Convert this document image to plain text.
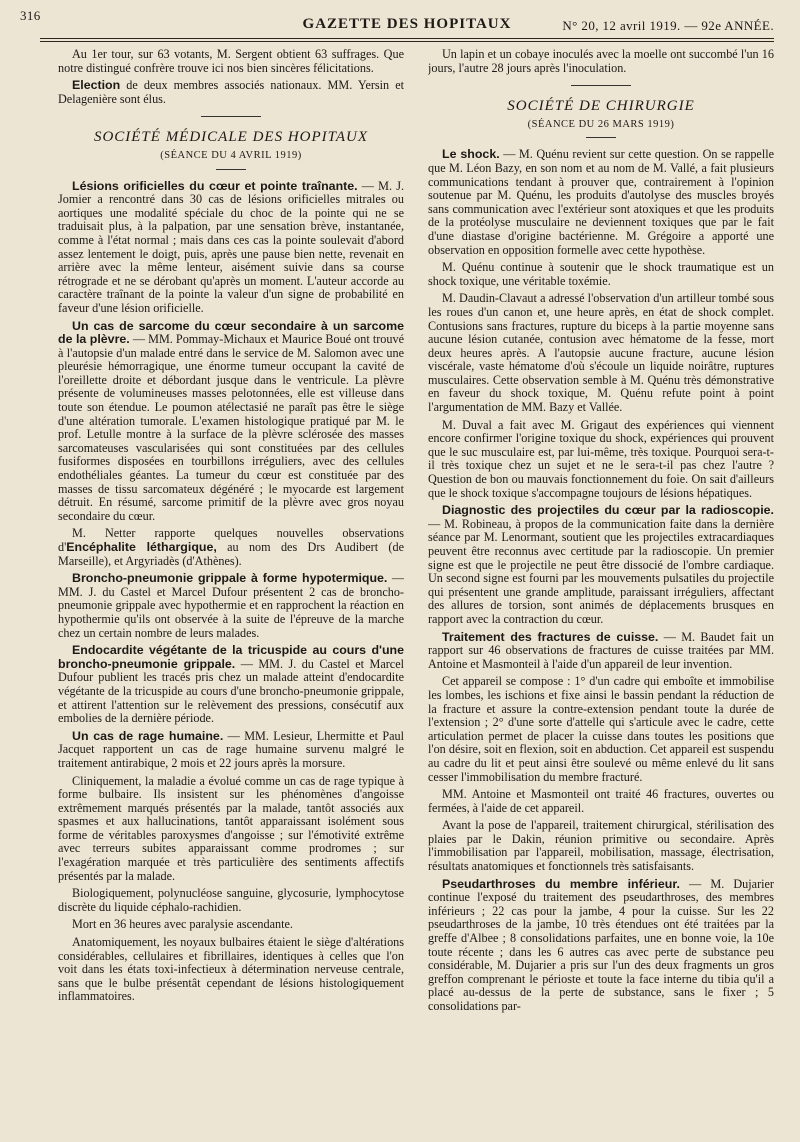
316
GAZETTE DES HOPITAUX	N° 20, 12 avril 1919. — 92e ANNÉE.

Au 1er tour, sur 63 votants, M. Sergent obtient 63 suffrages. Que notre distingué confrère trouve ici nos bien sincères félicitations.

Election de deux membres associés nationaux. MM. Yersin et Delagenière sont élus.

SOCIÉTÉ MÉDICALE DES HOPITAUX
(SÉANCE DU 4 AVRIL 1919)

Lésions orificielles du cœur et pointe traînante. — M. J. Jomier a rencontré dans 30 cas de lésions orificielles mitrales ou aortiques une modalité spéciale du choc de la pointe qui ne se traduisait plus, à la palpation, par une sensation brève, instantanée, comme à l'état normal ; mais dans ces cas la pointe soulevait d'abord assez lentement le doigt, puis, après une pause bien nette, revenait en arrière avec la même lenteur, aisément suivie dans sa course rétrograde et ne se dérobant qu'après un moment. L'auteur accorde au caractère traînant de la pointe la valeur d'un signe de probabilité en faveur d'une lésion orificielle.

Un cas de sarcome du cœur secondaire à un sarcome de la plèvre. — MM. Pommay-Michaux et Maurice Boué ont trouvé à l'autopsie d'un malade entré dans le service de M. Salomon avec une pleurésie hémorragique, une énorme tumeur occupant la cavité de l'oreillette droite et débordant jusque dans le ventricule. La plèvre présente de volumineuses masses pelotonnées, elle est villeuse dans toute son étendue. Le poumon atélectasié ne paraît pas être le siège d'une altération tumorale. L'examen histologique pratiqué par M. le prof. Letulle montre à la surface de la plèvre sclérosée des masses sarcomateuses vascularisées qui sont constituées par des cellules fusiformes disposées en tourbillons irréguliers, avec des cellules endothéliales géantes. La tumeur du cœur est constituée par des masses de tissu sarcomateux dégénéré ; le myocarde est largement détruit. En résumé, sarcome primitif de la plèvre avec gros noyau secondaire du cœur.

M. Netter rapporte quelques nouvelles observations d'Encéphalite léthargique, au nom des Drs Audibert (de Marseille), et Argyriadès (d'Athènes).

Broncho-pneumonie grippale à forme hypotermique. — MM. J. du Castel et Marcel Dufour présentent 2 cas de broncho-pneumonie grippale avec hypothermie et en rapprochent la réaction en hypothermie qu'ils ont observée à la suite de l'épreuve de la marche chez un certain nombre de leurs malades.

Endocardite végétante de la tricuspide au cours d'une broncho-pneumonie grippale. — MM. J. du Castel et Marcel Dufour publient les tracés pris chez un malade atteint d'endocardite végétante de la tricuspide au cours d'une broncho-pneumonie grippale, et attirent l'attention sur le relèvement des pressions, consécutif aux embolies de la dernière période.

Un cas de rage humaine. — MM. Lesieur, Lhermitte et Paul Jacquet rapportent un cas de rage humaine survenu malgré le traitement antirabique, 2 mois et 22 jours après la morsure.

Cliniquement, la maladie a évolué comme un cas de rage typique à forme bulbaire. Ils insistent sur les phénomènes d'angoisse extrêmement marqués présentés par la malade, tantôt associés aux spasmes et aux hallucinations, tantôt apparaissant isolément sous forme de véritables paroxysmes d'angoisse ; sur l'émotivité extrême avec terreurs subites apparaissant comme prodromes ; sur l'exagération marquée et très particulière des sentiments affectifs présentés par la malade.

Biologiquement, polynucléose sanguine, glycosurie, lymphocytose discrète du liquide céphalo-rachidien.

Mort en 36 heures avec paralysie ascendante.

Anatomiquement, les noyaux bulbaires étaient le siège d'altérations considérables, cellulaires et fibrillaires, identiques à celles que l'on voit dans les états toxi-infectieux à détermination nerveuse centrale, sans que le bulbe présentât cependant de lésions histologiquement inflammatoires.

Un lapin et un cobaye inoculés avec la moelle ont succombé l'un 16 jours, l'autre 28 jours après l'inoculation.

SOCIÉTÉ DE CHIRURGIE
(SÉANCE DU 26 MARS 1919)

Le shock. — M. Quénu revient sur cette question. On se rappelle que M. Léon Bazy, en son nom et au nom de M. Vallé, a fait plusieurs communications tendant à prouver que, contrairement à l'opinion soutenue par M. Quénu, les produits d'autolyse des muscles broyés sans communication avec l'extérieur sont atoxiques et que les produits de la protéolyse musculaire ne deviennent toxiques que par le fait d'une diastase d'origine bactérienne. M. Grégoire a apporté une observation en opposition formelle avec cette hypothèse.

M. Quénu continue à soutenir que le shock traumatique est un shock toxique, une véritable toxémie.

M. Daudin-Clavaut a adressé l'observation d'un artilleur tombé sous les roues d'un canon et, une heure après, en état de shock complet. Contusions sans fractures, rupture du biceps à la partie moyenne sans aucune lésion cutanée, contusion avec hématome de la fesse, mort deux heures après. A l'autopsie aucune fracture, aucune lésion viscérale, vaste hématome d'où s'écoule un liquide noirâtre, ruptures musculaires. Cette observation semble à M. Quénu très démonstrative en faveur du shock toxique, M. Quénu refute point à point l'argumentation de MM. Bazy et Vallée.

M. Duval a fait avec M. Grigaut des expériences qui viennent encore confirmer l'origine toxique du shock, expériences qui prouvent que le suc musculaire est, par lui-même, très toxique. Pourquoi sera-t-il très toxique chez un sujet et ne le sera-t-il pas chez l'autre ? Question de bon ou mauvais fonctionnement du foie. On sait d'ailleurs que le shock toxique s'accompagne toujours de lésions hépatiques.

Diagnostic des projectiles du cœur par la radioscopie. — M. Robineau, à propos de la communication faite dans la dernière séance par M. Lenormant, soutient que les projectiles extracardiaques peuvent être reconnus avec certitude par la radioscopie. Un premier signe est que le projectile ne peut être dissocié de l'ombre cardiaque. Un second signe est fourni par les mouvements pulsatiles du projectile qui présentent une grande amplitude, paraissant irréguliers, affectant des allures de torsion, sont animés de déplacements brusques en rapport avec la contraction du cœur.

Traitement des fractures de cuisse. — M. Baudet fait un rapport sur 46 observations de fractures de cuisse traitées par MM. Antoine et Masmonteil à l'aide d'un appareil de leur invention.

Cet appareil se compose : 1° d'un cadre qui emboîte et immobilise les lombes, les ischions et fixe ainsi le bassin pendant la réduction de la fracture et assure la contre-extension pendant toute la durée de l'extension ; 2° d'une sorte d'attelle qui s'articule avec le cadre, cette articulation permet de placer la cuisse dans toutes les positions que l'on désire, soit en flexion, soit en abduction. Cet appareil est suspendu au cadre du lit et peut ainsi être soulevé ou même enlevé du lit sans cesser l'immobilisation du membre fracturé.

MM. Antoine et Masmonteil ont traité 46 fractures, ouvertes ou fermées, à l'aide de cet appareil.

Avant la pose de l'appareil, traitement chirurgical, stérilisation des plaies par le Dakin, réunion primitive ou secondaire. Après l'immobilisation par l'appareil, mobilisation, massage, électrisation, résultats anatomiques et fonctionnels très satisfaisants.

Pseudarthroses du membre inférieur. — M. Dujarier continue l'exposé du traitement des pseudarthroses, des membres inférieurs ; 22 cas pour la jambe, 4 pour la cuisse. Sur les 22 pseudarthroses de la jambe, 10 très étendues ont été traitées par la greffe d'Albee ; 8 consolidations parfaites, une en bonne voie, la 10e toute récente ; dans les 6 autres cas avec perte de substance peu considérable, M. Dujarier a pris sur l'un des deux fragments un gros greffon comprenant le périoste et toute la face interne du tibia qu'il a placé au-dessus de la perte de substance, sans le fixer ; 5 consolidations par-
